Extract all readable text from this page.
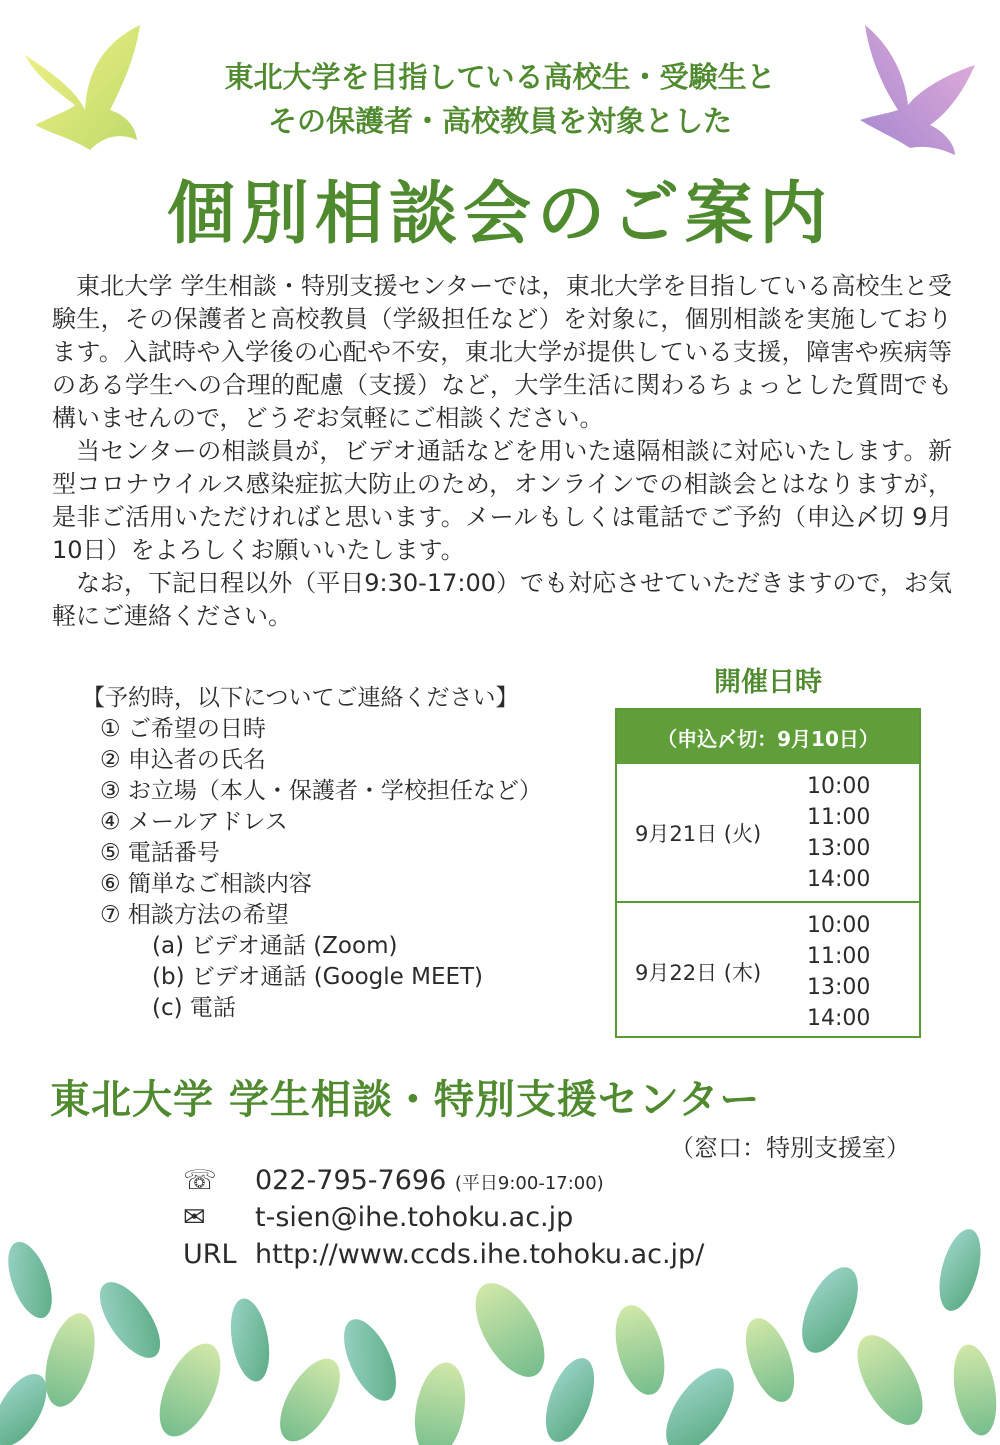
東北大学を目指している高校生・受験生と
その保護者・高校教員を対象とした
個別相談会のご案内

東北大学 学生相談・特別支援センターでは，東北大学を目指している高校生と受験生，その保護者と高校教員（学級担任など）を対象に，個別相談を実施しております。入試時や入学後の心配や不安，東北大学が提供している支援，障害や疾病等のある学生への合理的配慮（支援）など，大学生活に関わるちょっとした質問でも構いませんので，どうぞお気軽にご相談ください。

当センターの相談員が，ビデオ通話などを用いた遠隔相談に対応いたします。新型コロナウイルス感染症拡大防止のため，オンラインでの相談会とはなりますが，是非ご活用いただければと思います。メールもしくは電話でご予約（申込〆切 9月10日）をよろしくお願いいたします。

なお，下記日程以外（平日9:30-17:00）でも対応させていただきますので，お気軽にご連絡ください。

【予約時，以下についてご連絡ください】
① ご希望の日時
② 申込者の氏名
③ お立場（本人・保護者・学校担任など）
④ メールアドレス
⑤ 電話番号
⑥ 簡単なご相談内容
⑦ 相談方法の希望
(a) ビデオ通話 (Zoom)
(b) ビデオ通話 (Google MEET)
(c) 電話
開催日時
（申込〆切：9月10日）
9月21日 (火)
10:00
11:00
13:00
14:00
9月22日 (木)
10:00
11:00
13:00
14:00
東北大学 学生相談・特別支援センター
（窓口：特別支援室）
☏ 022-795-7696 (平日9:00-17:00)
✉ t-sien@ihe.tohoku.ac.jp
URL http://www.ccds.ihe.tohoku.ac.jp/
